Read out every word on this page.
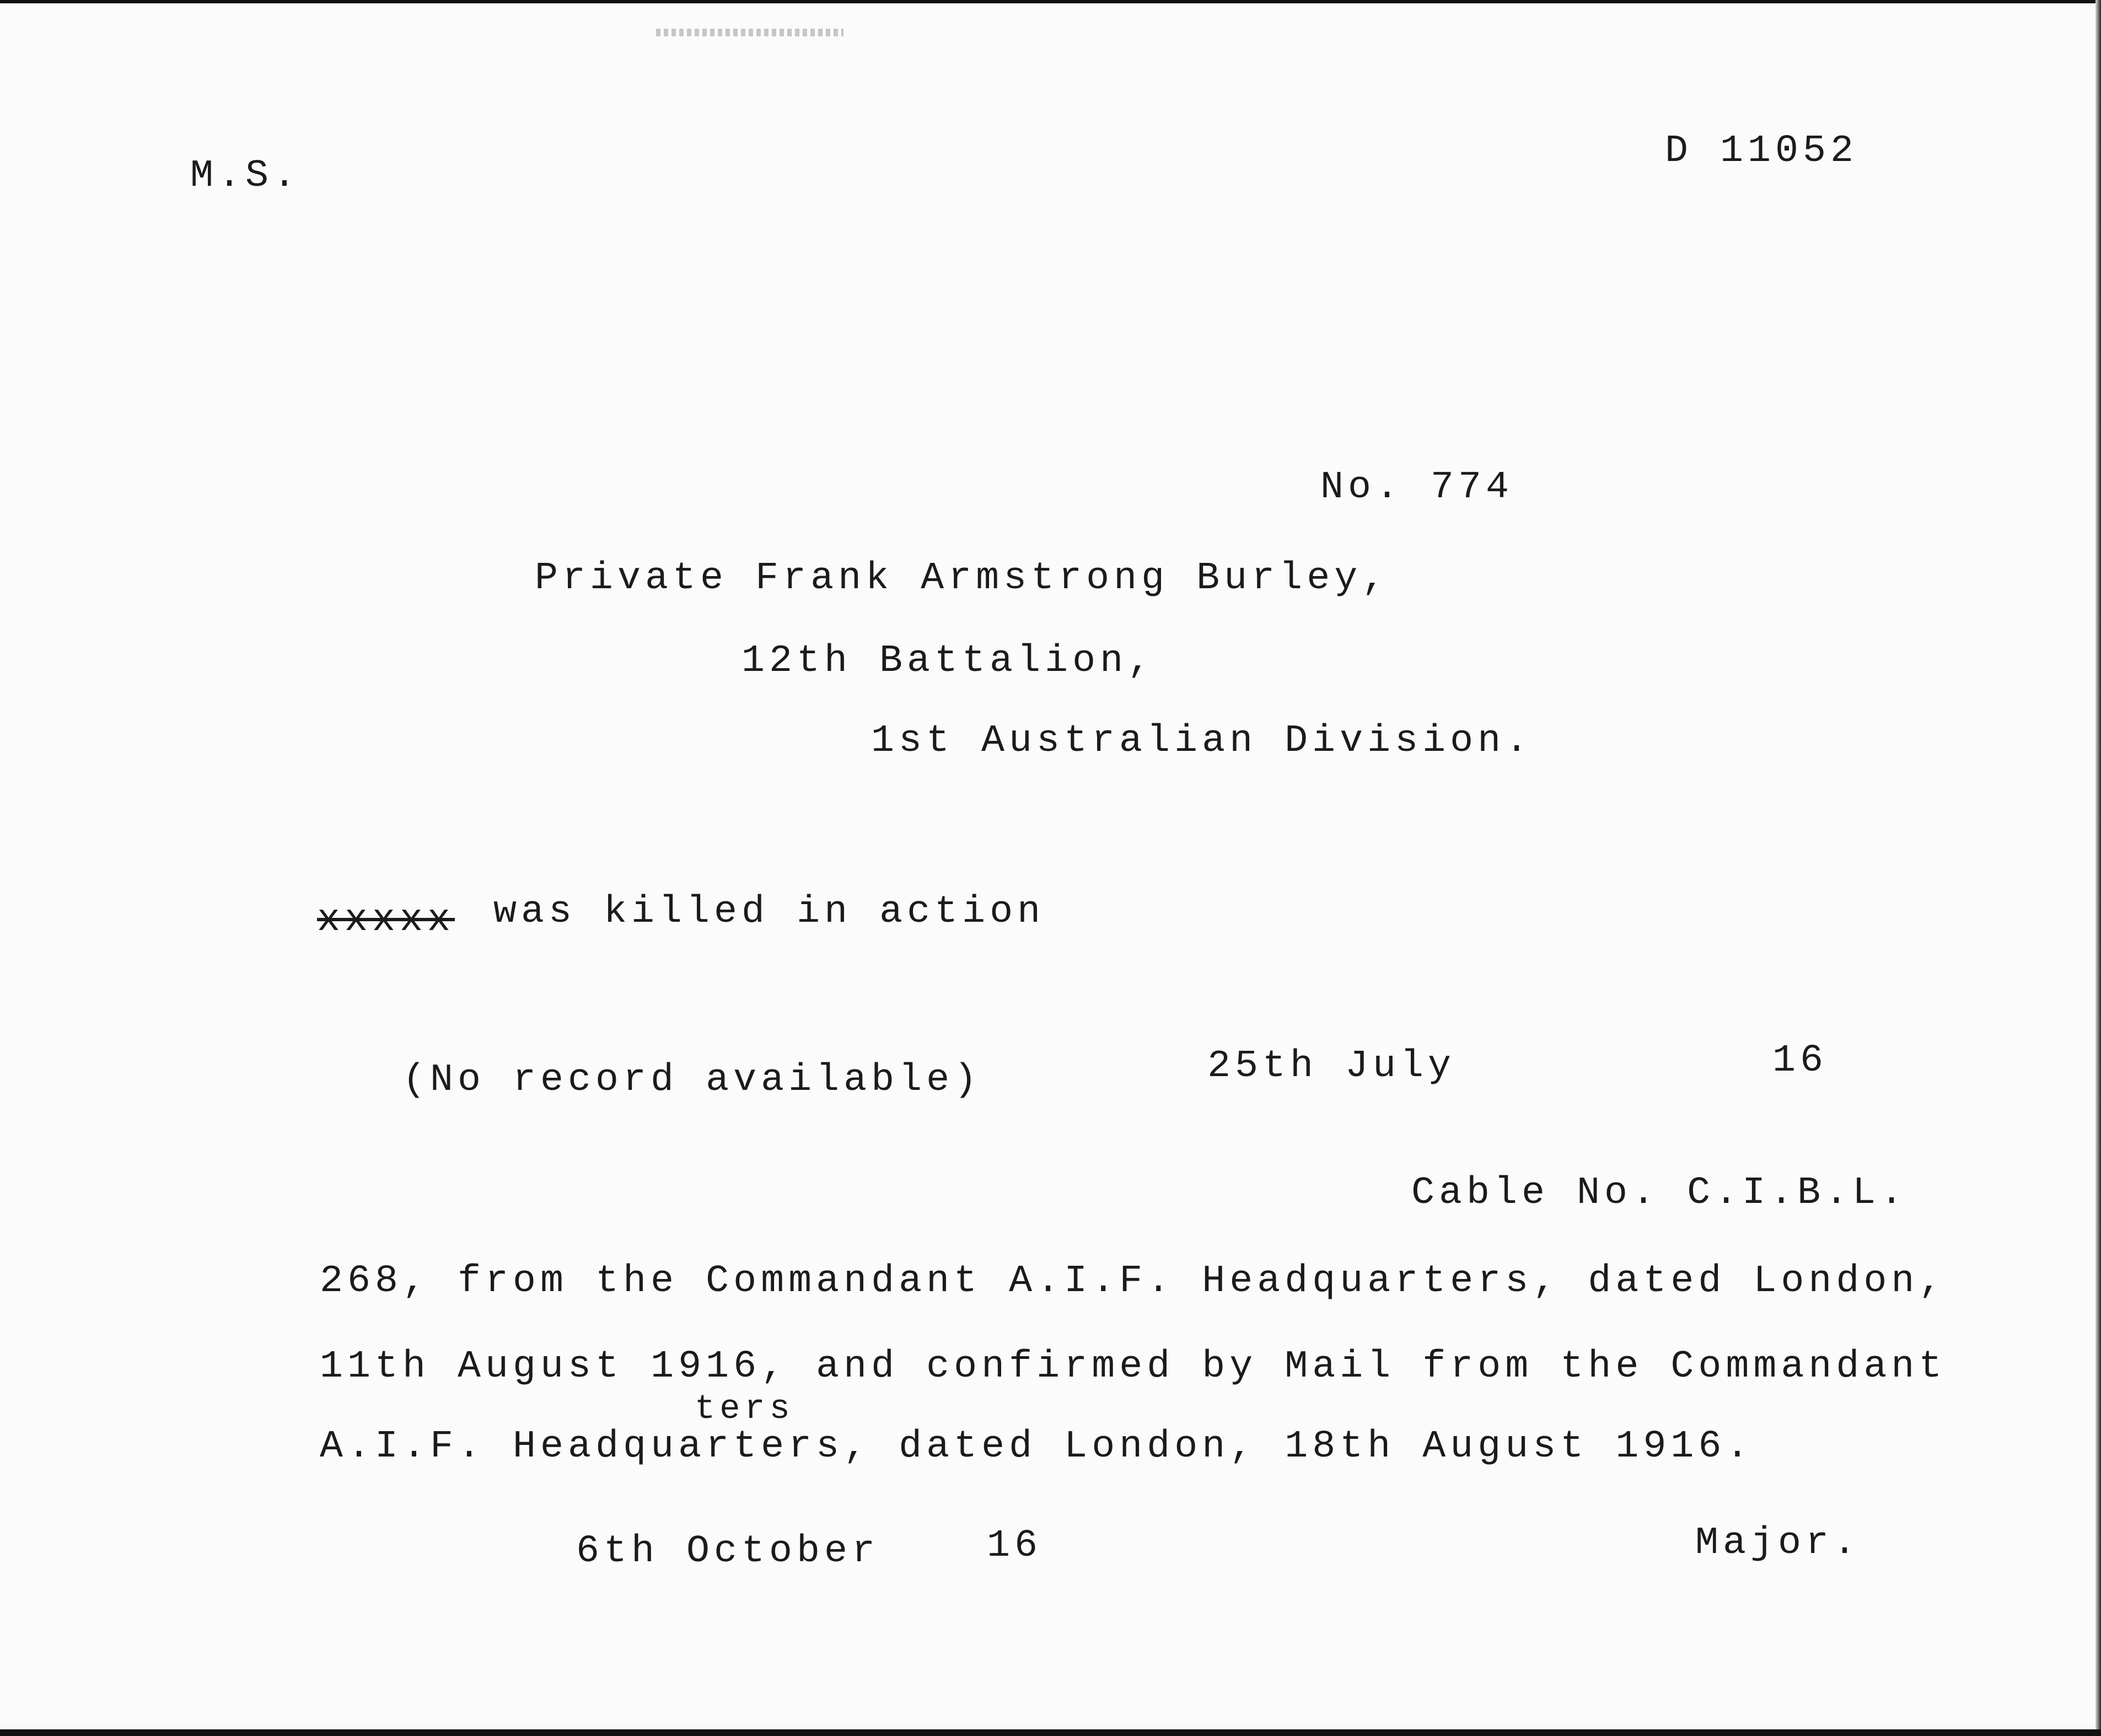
M.S.
D 11052
No. 774
Private Frank Armstrong Burley,
12th Battalion,
1st Australian Division.
xxxxx was killed in action
(No record available)	25th July	16
Cable No. C.I.B.L.
268, from the Commandant A.I.F. Headquarters, dated London,
11th August 1916, and confirmed by Mail from the Commandant
ters
A.I.F. Headquarters, dated London, 18th August 1916.
6th October	16	Major.
